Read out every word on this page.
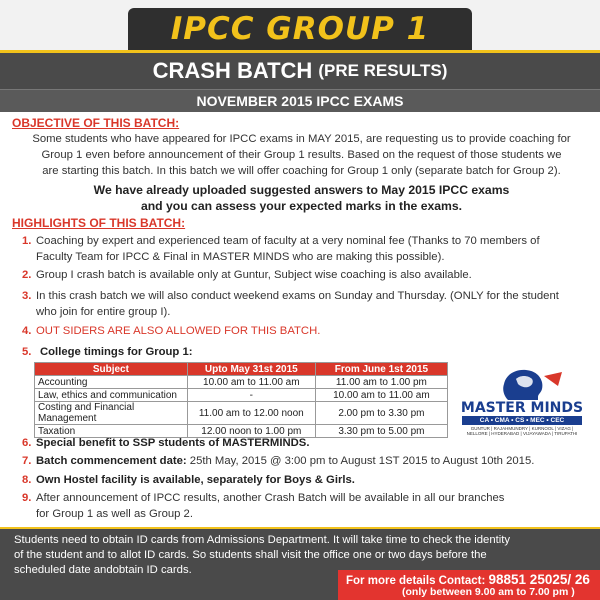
IPCC GROUP 1
CRASH BATCH (PRE RESULTS)
NOVEMBER 2015 IPCC EXAMS
OBJECTIVE OF THIS BATCH:
Some students who have appeared for IPCC exams in MAY 2015, are requesting us to provide coaching for
Group 1 even before announcement of their Group 1 results. Based on the request of those students we
are starting this batch. In this batch we will offer coaching for Group 1 only (separate batch for Group 2).
We have already uploaded suggested answers to May 2015 IPCC exams
and you can assess your expected marks in the exams.
HIGHLIGHTS OF THIS BATCH:
1. Coaching by expert and experienced team of faculty at a very nominal fee (Thanks to 70 members of
Faculty Team for IPCC & Final in MASTER MINDS who are making this possible).
2. Group I crash batch is available only at Guntur, Subject wise coaching is also available.
3. In this crash batch we will also conduct weekend exams on Sunday and Thursday. (ONLY for the student
who join for entire group I).
4. OUT SIDERS ARE ALSO ALLOWED FOR THIS BATCH.
5. College timings for Group 1:
Subject	Upto May 31st 2015	From June 1st 2015
Accounting	10.00 am to 11.00 am	11.00 am to 1.00 pm
Law, ethics and communication	-	10.00 am to 11.00 am
Costing and Financial Management	11.00 am to 12.00 noon	2.00 pm to 3.30 pm
Taxation	12.00 noon to 1.00 pm	3.30 pm to 5.00 pm
MASTER MINDS
CA • CMA • CS • MEC • CEC
GUNTUR | RAJAHMUNDRY | KURNOOL | VIZAG | NELLORE | HYDERABAD | VIJAYAWADA | TIRUPATHI
6. Special benefit to SSP students of MASTERMINDS.
7. Batch commencement date: 25th May, 2015 @ 3:00 pm to August 1ST 2015 to August 10th 2015.
8. Own Hostel facility is available, separately for Boys & Girls.
9. After announcement of IPCC results, another Crash Batch will be available in all our branches
for Group 1 as well as Group 2.
Students need to obtain ID cards from Admissions Department. It will take time to check the identity
of the student and to allot ID cards. So students shall visit the office one or two days before the
scheduled date andobtain ID cards.
For more details Contact: 98851 25025/ 26
(only between 9.00 am to 7.00 pm )
